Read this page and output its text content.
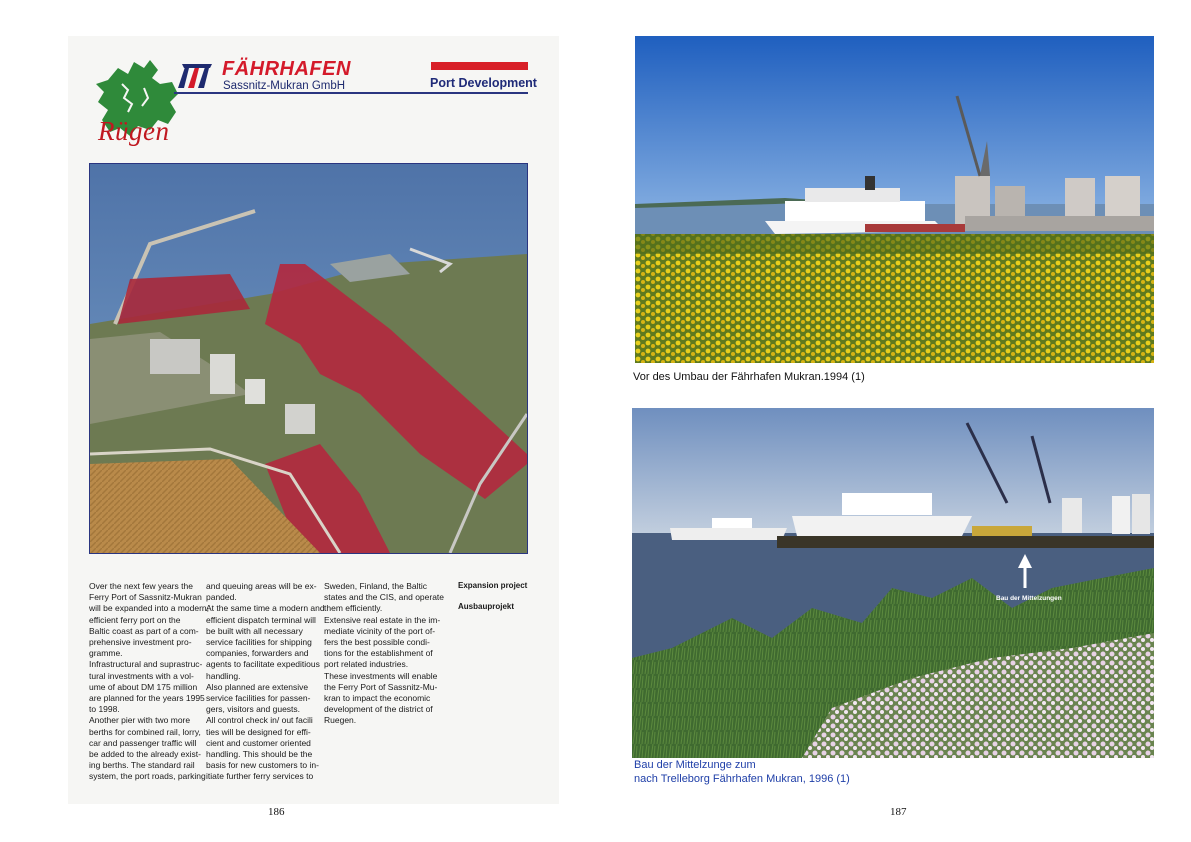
Rügen
FÄHRHAFEN
Sassnitz-Mukran GmbH	Port Development
Over the next few years the
Ferry Port of Sassnitz-Mukran
will be expanded into a modern,
efficient ferry port on the
Baltic coast as part of a com-
prehensive investment pro-
gramme.
Infrastructural and suprastruc-
tural investments with a vol-
ume of about DM 175 million
are planned for the years 1995
to 1998.
Another pier with two more
berths for combined rail, lorry,
car and passenger traffic will
be added to the already exist-
ing berths. The standard rail
system, the port roads, parking
and queuing areas will be ex-
panded.
At the same time a modern and
efficient dispatch terminal will
be built with all necessary
service facilities for shipping
companies, forwarders and
agents to facilitate expeditious
handling.
Also planned are extensive
service facilities for passen-
gers, visitors and guests.
All control check in/ out facili
ties will be designed for effi-
cient and customer oriented
handling. This should be the
basis for new customers to in-
itiate further ferry services to
Sweden, Finland, the Baltic
states and the CIS, and operate
them efficiently.
Extensive real estate in the im-
mediate vicinity of the port of-
fers the best possible condi-
tions for the establishment of
port related industries.
These investments will enable
the Ferry Port of Sassnitz-Mu-
kran to impact the economic
development of the district of
Ruegen.
Expansion project
Ausbauprojekt
186
Vor des Umbau der Fährhafen Mukran.1994 (1)
Bau der Mittelzungen
Bau der Mittelzunge zum
nach Trelleborg Fährhafen Mukran, 1996 (1)
187
